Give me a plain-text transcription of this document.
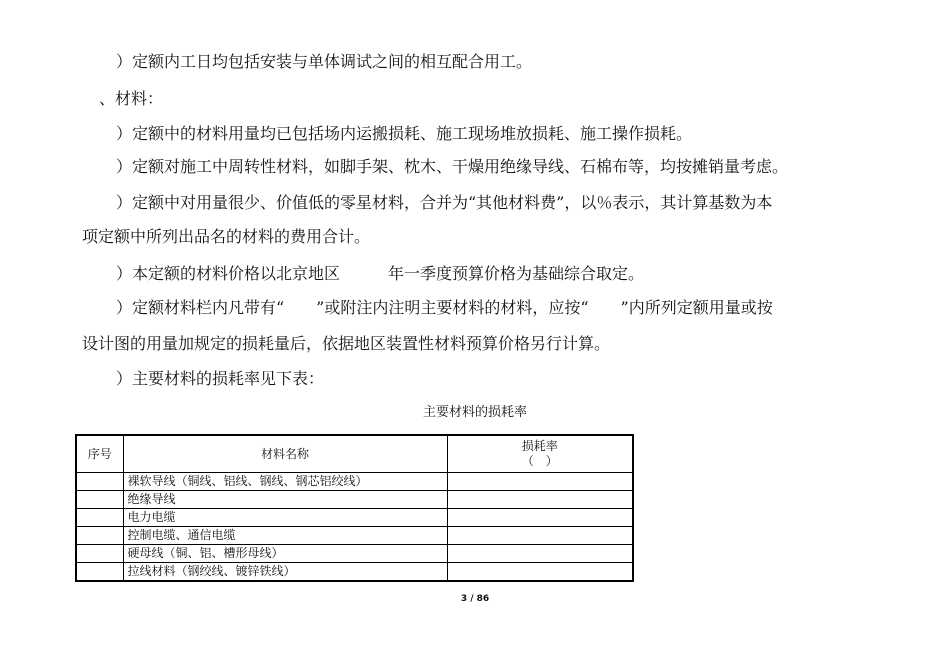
）定额内工日均包括安装与单体调试之间的相互配合用工。
、材料：
）定额中的材料用量均已包括场内运搬损耗、施工现场堆放损耗、施工操作损耗。
）定额对施工中周转性材料，如脚手架、枕木、干燥用绝缘导线、石棉布等，均按摊销量考虑。
）定额中对用量很少、价值低的零星材料，合并为“其他材料费”，以％表示，其计算基数为本
项定额中所列出品名的材料的费用合计。
）本定额的材料价格以北京地区　　　年一季度预算价格为基础综合取定。
）定额材料栏内凡带有“　　”或附注内注明主要材料的材料，应按“　　”内所列定额用量或按
设计图的用量加规定的损耗量后，依据地区装置性材料预算价格另行计算。
）主要材料的损耗率见下表：
主要材料的损耗率
序号	材料名称	损耗率
（　）

	裸软导线（铜线、铝线、钢线、钢芯铝绞线）	
	绝缘导线	
	电力电缆	
	控制电缆、通信电缆	
	硬母线（铜、铝、槽形母线）	
	拉线材料（钢绞线、镀锌铁线）	
3 / 86
